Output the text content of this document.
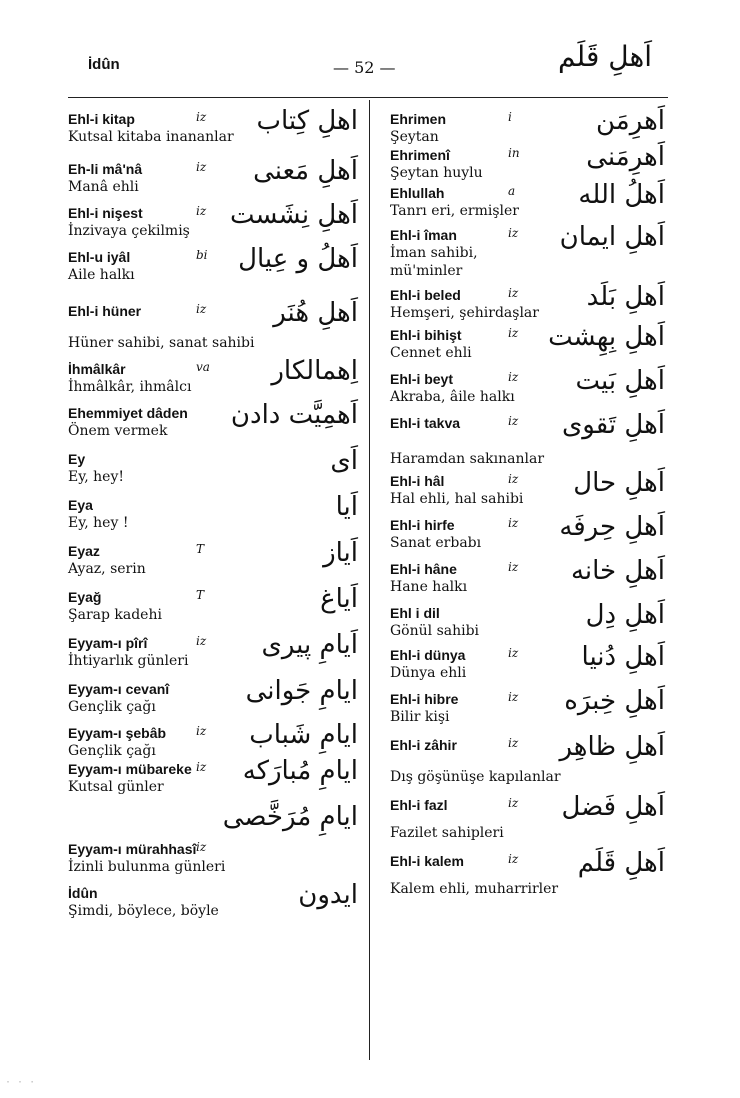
İdûn	— 52 —	اَهلِ قَلَم
Ehl-i kitap	iz
Kutsal kitaba inananlar
اهلِ كِتاب
Eh-li mâ'nâ	iz
Manâ ehli
اَهلِ مَعنى
Ehl-i nişest	iz
İnzivaya çekilmiş
اَهلِ نِشَست
Ehl-u iyâl	bi
Aile halkı
اَهلُ و عِيال
Ehl-i hüner	iz
Hüner sahibi, sanat sahibi
اَهلِ هُنَر
İhmâlkâr	va
İhmâlkâr, ihmâlcı
اِهمالكار
Ehemmiyet dâden
Önem vermek
اَهمِيَّت دادن
Ey
Ey, hey!
اَى
Eya
Ey, hey !
اَيا
Eyaz	T
Ayaz, serin
اَياز
Eyağ	T
Şarap kadehi
اَياغ
Eyyam-ı pîrî	iz
İhtiyarlık günleri
اَيامِ پيرى
Eyyam-ı cevanî
Gençlik çağı
ايامِ جَوانى
Eyyam-ı şebâb	iz
Gençlik çağı
ايامِ شَباب
Eyyam-ı mübareke iz
Kutsal günler
ايامِ مُبارَكه
ايامِ مُرَخَّصى
Eyyam-ı mürahhasî iz
İzinli bulunma günleri
İdûn
Şimdi, böylece, böyle
ايدون
Ehrimen	i
Şeytan
اَهرِمَن
Ehrimenî	in
Şeytan huylu
اَهرِمَنى
Ehlullah	a
Tanrı eri, ermişler
اَهلُ الله
Ehl-i îman	iz
İman sahibi,
mü'minler
اَهلِ ايمان
Ehl-i beled	iz
Hemşeri, şehirdaşlar
اَهلِ بَلَد
Ehl-i bihişt	iz
Cennet ehli
اَهلِ بِهِشت
Ehl-i beyt	iz
Akraba, âile halkı
اَهلِ بَيت
Ehl-i takva	iz
Haramdan sakınanlar
اَهلِ تَقوى
Ehl-i hâl	iz
Hal ehli, hal sahibi
اَهلِ حال
Ehl-i hirfe	iz
Sanat erbabı
اَهلِ حِرفَه
Ehl-i hâne	iz
Hane halkı
اَهلِ خانه
Ehl i dil
Gönül sahibi
اَهلِ دِل
Ehl-i dünya	iz
Dünya ehli
اَهلِ دُنيا
Ehl-i hibre	iz
Bilir kişi
اَهلِ خِبرَه
Ehl-i zâhir	iz
Dış göşünüşe kapılanlar
اَهلِ ظاهِر
Ehl-i fazl	iz
Fazilet sahipleri
اَهلِ فَضل
Ehl-i kalem	iz
Kalem ehli, muharrirler
اَهلِ قَلَم
· · ·
